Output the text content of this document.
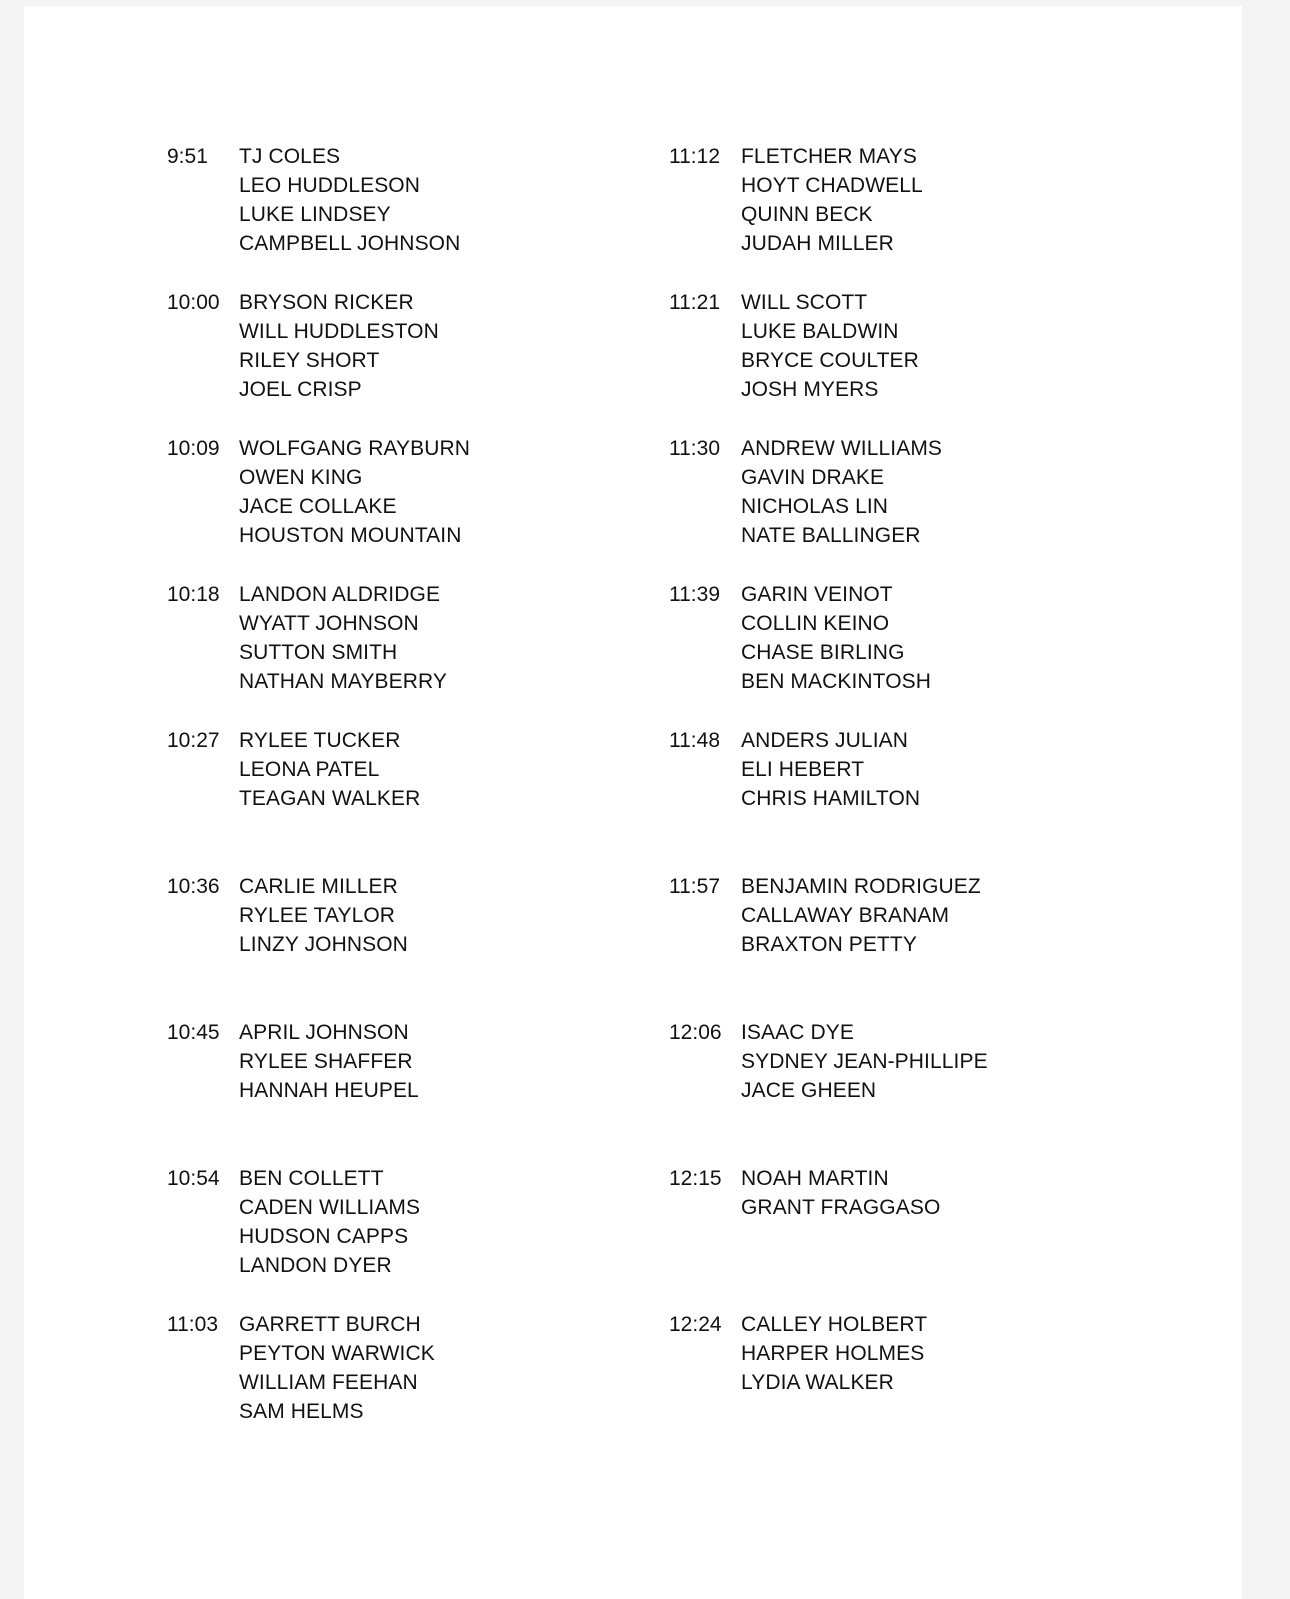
9:51	TJ COLES
LEO HUDDLESON
LUKE LINDSEY
CAMPBELL JOHNSON
10:00 BRYSON RICKER
WILL HUDDLESTON
RILEY SHORT
JOEL CRISP
10:09 WOLFGANG RAYBURN
OWEN KING
JACE COLLAKE
HOUSTON MOUNTAIN
10:18 LANDON ALDRIDGE
WYATT JOHNSON
SUTTON SMITH
NATHAN MAYBERRY
10:27 RYLEE TUCKER
LEONA PATEL
TEAGAN WALKER
10:36 CARLIE MILLER
RYLEE TAYLOR
LINZY JOHNSON
10:45 APRIL JOHNSON
RYLEE SHAFFER
HANNAH HEUPEL
10:54 BEN COLLETT
CADEN WILLIAMS
HUDSON CAPPS
LANDON DYER
11:03	GARRETT BURCH
PEYTON WARWICK
WILLIAM FEEHAN
SAM HELMS
11:12	FLETCHER MAYS
HOYT CHADWELL
QUINN BECK
JUDAH MILLER
11:21	WILL SCOTT
LUKE BALDWIN
BRYCE COULTER
JOSH MYERS
11:30	ANDREW WILLIAMS
GAVIN DRAKE
NICHOLAS LIN
NATE BALLINGER
11:39	GARIN VEINOT
COLLIN KEINO
CHASE BIRLING
BEN MACKINTOSH
11:48	ANDERS JULIAN
ELI HEBERT
CHRIS HAMILTON
11:57	BENJAMIN RODRIGUEZ
CALLAWAY BRANAM
BRAXTON PETTY
12:06 ISAAC DYE
SYDNEY JEAN-PHILLIPE
JACE GHEEN
12:15 NOAH MARTIN
GRANT FRAGGASO
12:24 CALLEY HOLBERT
HARPER HOLMES
LYDIA WALKER
